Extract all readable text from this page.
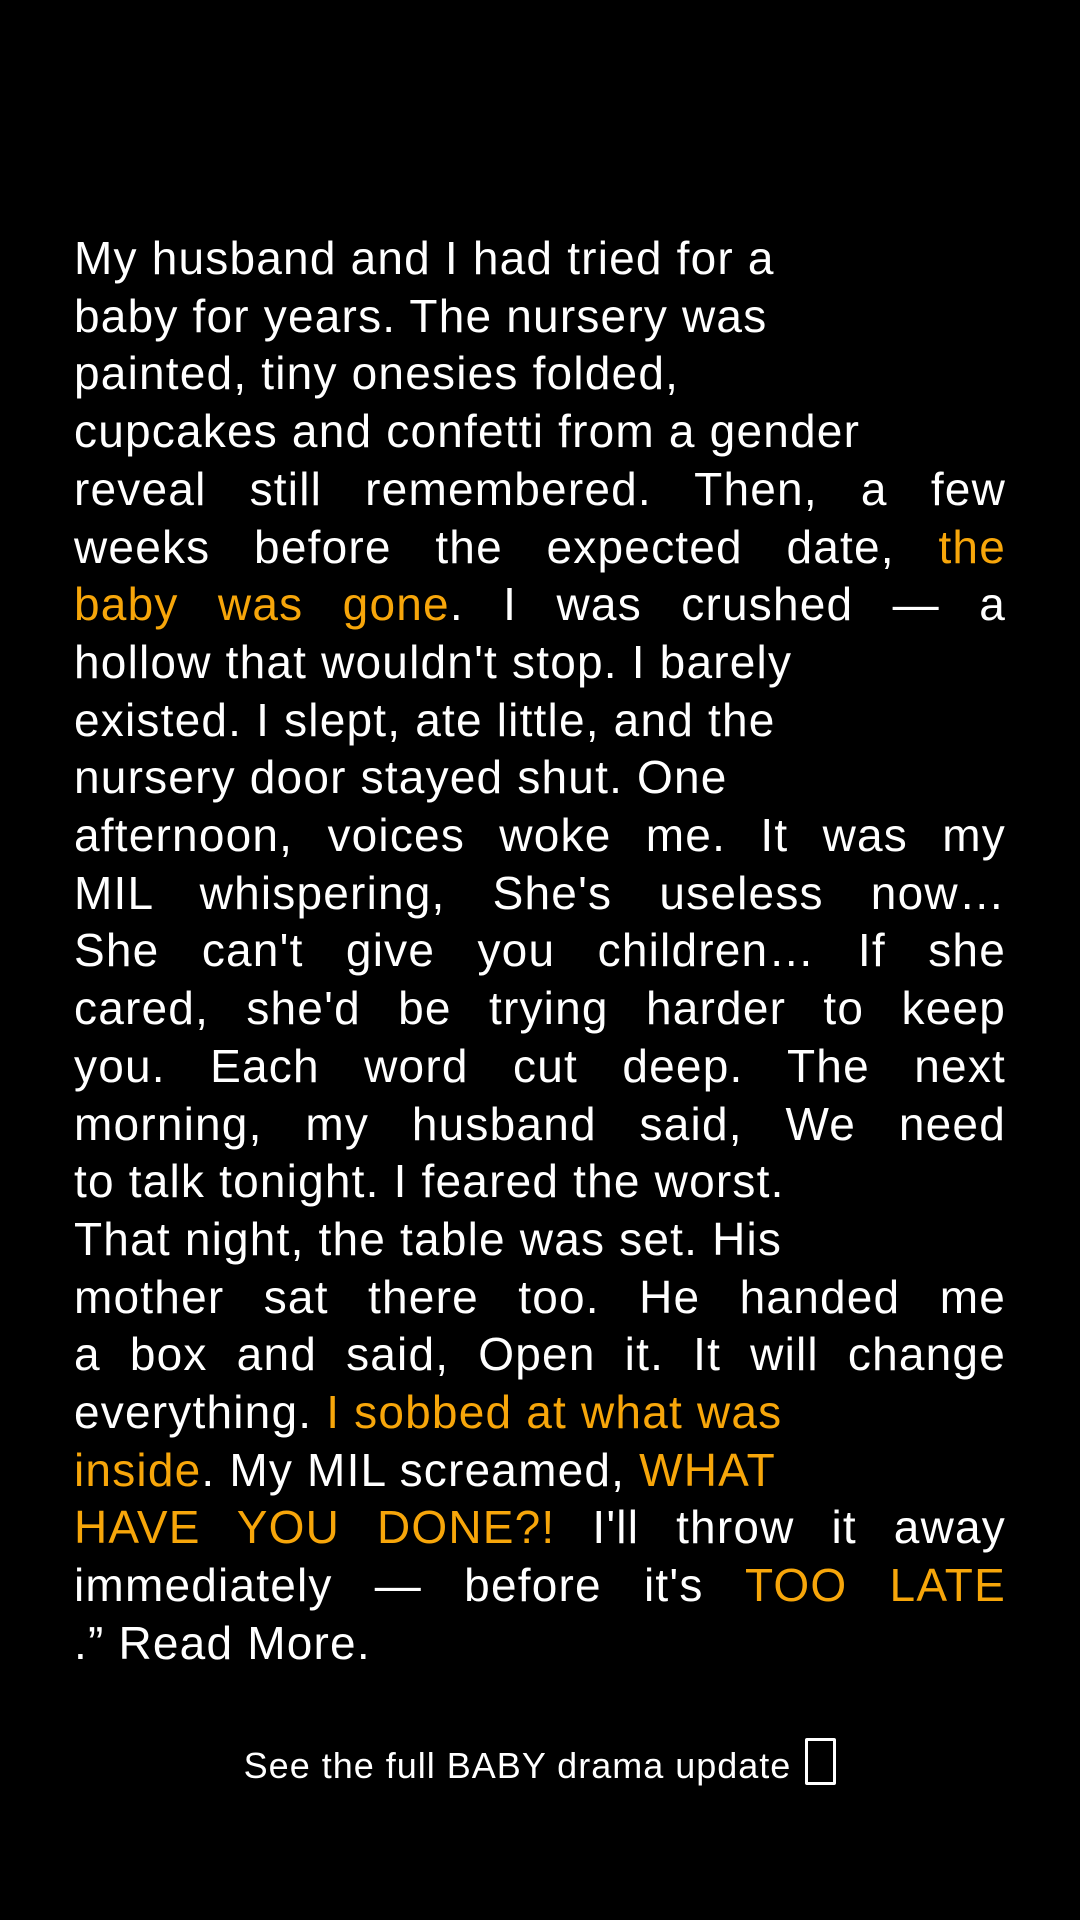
My husband and I had tried for a
baby for years. The nursery was
painted, tiny onesies folded,
cupcakes and confetti from a gender
reveal still remembered. Then, a few
weeks before the expected date, the
baby was gone. I was crushed — a
hollow that wouldn't stop. I barely
existed. I slept, ate little, and the
nursery door stayed shut. One
afternoon, voices woke me. It was my
MIL whispering, She's useless now…
She can't give you children… If she
cared, she'd be trying harder to keep
you. Each word cut deep. The next
morning, my husband said, We need
to talk tonight. I feared the worst.
That night, the table was set. His
mother sat there too. He handed me
a box and said, Open it. It will change
everything. I sobbed at what was
inside. My MIL screamed, WHAT
HAVE YOU DONE?! I'll throw it away
immediately — before it's TOO LATE
.” Read More.
See the full BABY drama update
